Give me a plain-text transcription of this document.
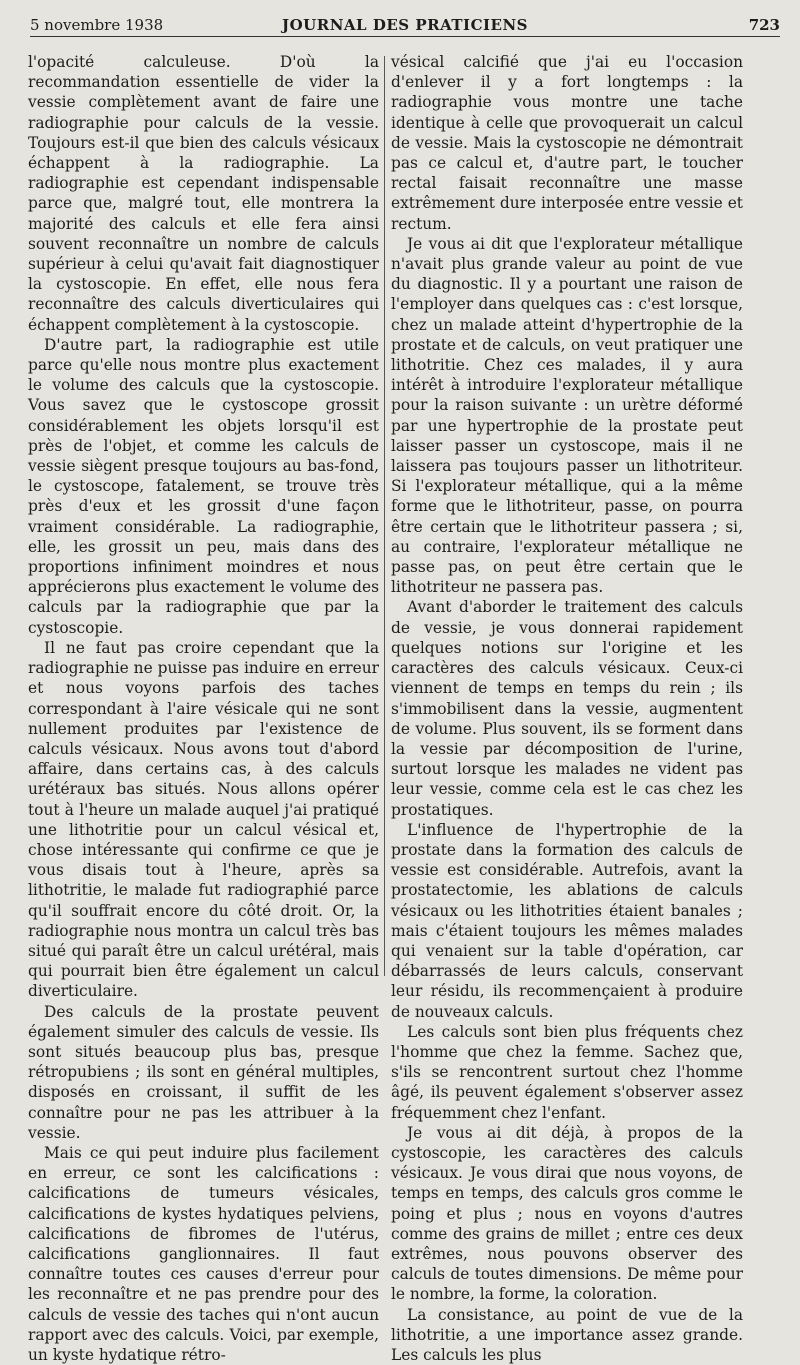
5 novembre 1938	JOURNAL DES PRATICIENS	723

l'opacité calculeuse. D'où la recommandation essentielle de vider la vessie complètement avant de faire une radiographie pour calculs de la vessie. Toujours est-il que bien des calculs vésicaux échappent à la radiographie. La radiographie est cependant indispensable parce que, malgré tout, elle montrera la majorité des calculs et elle fera ainsi souvent reconnaître un nombre de calculs supérieur à celui qu'avait fait diagnostiquer la cystoscopie. En effet, elle nous fera reconnaître des calculs diverticulaires qui échappent complètement à la cystoscopie.

D'autre part, la radiographie est utile parce qu'elle nous montre plus exactement le volume des calculs que la cystoscopie. Vous savez que le cystoscope grossit considérablement les objets lorsqu'il est près de l'objet, et comme les calculs de vessie siègent presque toujours au bas-fond, le cystoscope, fatalement, se trouve très près d'eux et les grossit d'une façon vraiment considérable. La radiographie, elle, les grossit un peu, mais dans des proportions infiniment moindres et nous apprécierons plus exactement le volume des calculs par la radiographie que par la cystoscopie.

Il ne faut pas croire cependant que la radiographie ne puisse pas induire en erreur et nous voyons parfois des taches correspondant à l'aire vésicale qui ne sont nullement produites par l'existence de calculs vésicaux. Nous avons tout d'abord affaire, dans certains cas, à des calculs urétéraux bas situés. Nous allons opérer tout à l'heure un malade auquel j'ai pratiqué une lithotritie pour un calcul vésical et, chose intéressante qui confirme ce que je vous disais tout à l'heure, après sa lithotritie, le malade fut radiographié parce qu'il souffrait encore du côté droit. Or, la radiographie nous montra un calcul très bas situé qui paraît être un calcul urétéral, mais qui pourrait bien être également un calcul diverticulaire.

Des calculs de la prostate peuvent également simuler des calculs de vessie. Ils sont situés beaucoup plus bas, presque rétropubiens ; ils sont en général multiples, disposés en croissant, il suffit de les connaître pour ne pas les attribuer à la vessie.

Mais ce qui peut induire plus facilement en erreur, ce sont les calcifications : calcifications de tumeurs vésicales, calcifications de kystes hydatiques pelviens, calcifications de fibromes de l'utérus, calcifications ganglionnaires. Il faut connaître toutes ces causes d'erreur pour les reconnaître et ne pas prendre pour des calculs de vessie des taches qui n'ont aucun rapport avec des calculs. Voici, par exemple, un kyste hydatique rétro-

vésical calcifié que j'ai eu l'occasion d'enlever il y a fort longtemps : la radiographie vous montre une tache identique à celle que provoquerait un calcul de vessie. Mais la cystoscopie ne démontrait pas ce calcul et, d'autre part, le toucher rectal faisait reconnaître une masse extrêmement dure interposée entre vessie et rectum.

Je vous ai dit que l'explorateur métallique n'avait plus grande valeur au point de vue du diagnostic. Il y a pourtant une raison de l'employer dans quelques cas : c'est lorsque, chez un malade atteint d'hypertrophie de la prostate et de calculs, on veut pratiquer une lithotritie. Chez ces malades, il y aura intérêt à introduire l'explorateur métallique pour la raison suivante : un urètre déformé par une hypertrophie de la prostate peut laisser passer un cystoscope, mais il ne laissera pas toujours passer un lithotriteur. Si l'explorateur métallique, qui a la même forme que le lithotriteur, passe, on pourra être certain que le lithotriteur passera ; si, au contraire, l'explorateur métallique ne passe pas, on peut être certain que le lithotriteur ne passera pas.

Avant d'aborder le traitement des calculs de vessie, je vous donnerai rapidement quelques notions sur l'origine et les caractères des calculs vésicaux. Ceux-ci viennent de temps en temps du rein ; ils s'immobilisent dans la vessie, augmentent de volume. Plus souvent, ils se forment dans la vessie par décomposition de l'urine, surtout lorsque les malades ne vident pas leur vessie, comme cela est le cas chez les prostatiques.

L'influence de l'hypertrophie de la prostate dans la formation des calculs de vessie est considérable. Autrefois, avant la prostatectomie, les ablations de calculs vésicaux ou les lithotrities étaient banales ; mais c'étaient toujours les mêmes malades qui venaient sur la table d'opération, car débarrassés de leurs calculs, conservant leur résidu, ils recommençaient à produire de nouveaux calculs.

Les calculs sont bien plus fréquents chez l'homme que chez la femme. Sachez que, s'ils se rencontrent surtout chez l'homme âgé, ils peuvent également s'observer assez fréquemment chez l'enfant.

Je vous ai dit déjà, à propos de la cystoscopie, les caractères des calculs vésicaux. Je vous dirai que nous voyons, de temps en temps, des calculs gros comme le poing et plus ; nous en voyons d'autres comme des grains de millet ; entre ces deux extrêmes, nous pouvons observer des calculs de toutes dimensions. De même pour le nombre, la forme, la coloration.

La consistance, au point de vue de la lithotritie, a une importance assez grande. Les calculs les plus
